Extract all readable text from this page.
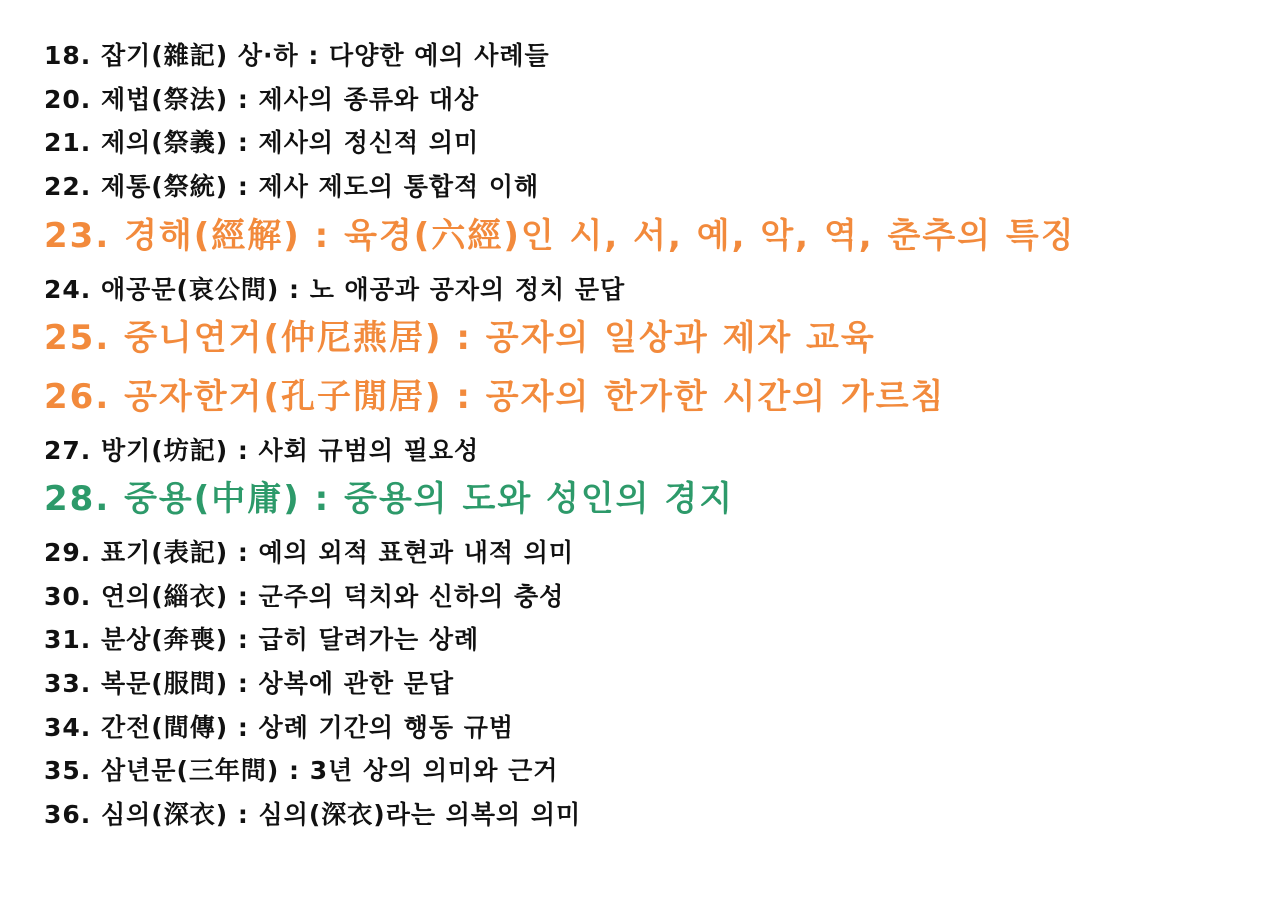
18. 잡기(雜記) 상·하 : 다양한 예의 사례들
20. 제법(祭法) : 제사의 종류와 대상
21. 제의(祭義) : 제사의 정신적 의미
22. 제통(祭統) : 제사 제도의 통합적 이해
23. 경해(經解) : 육경(六經)인 시, 서, 예, 악, 역, 춘추의 특징
24. 애공문(哀公問) : 노 애공과 공자의 정치 문답
25. 중니연거(仲尼燕居) : 공자의 일상과 제자 교육
26. 공자한거(孔子閒居) : 공자의 한가한 시간의 가르침
27. 방기(坊記) : 사회 규범의 필요성
28. 중용(中庸) : 중용의 도와 성인의 경지
29. 표기(表記) : 예의 외적 표현과 내적 의미
30. 연의(緇衣) : 군주의 덕치와 신하의 충성
31. 분상(奔喪) : 급히 달려가는 상례
33. 복문(服問) : 상복에 관한 문답
34. 간전(間傳) : 상례 기간의 행동 규범
35. 삼년문(三年問) : 3년 상의 의미와 근거
36. 심의(深衣) : 심의(深衣)라는 의복의 의미
